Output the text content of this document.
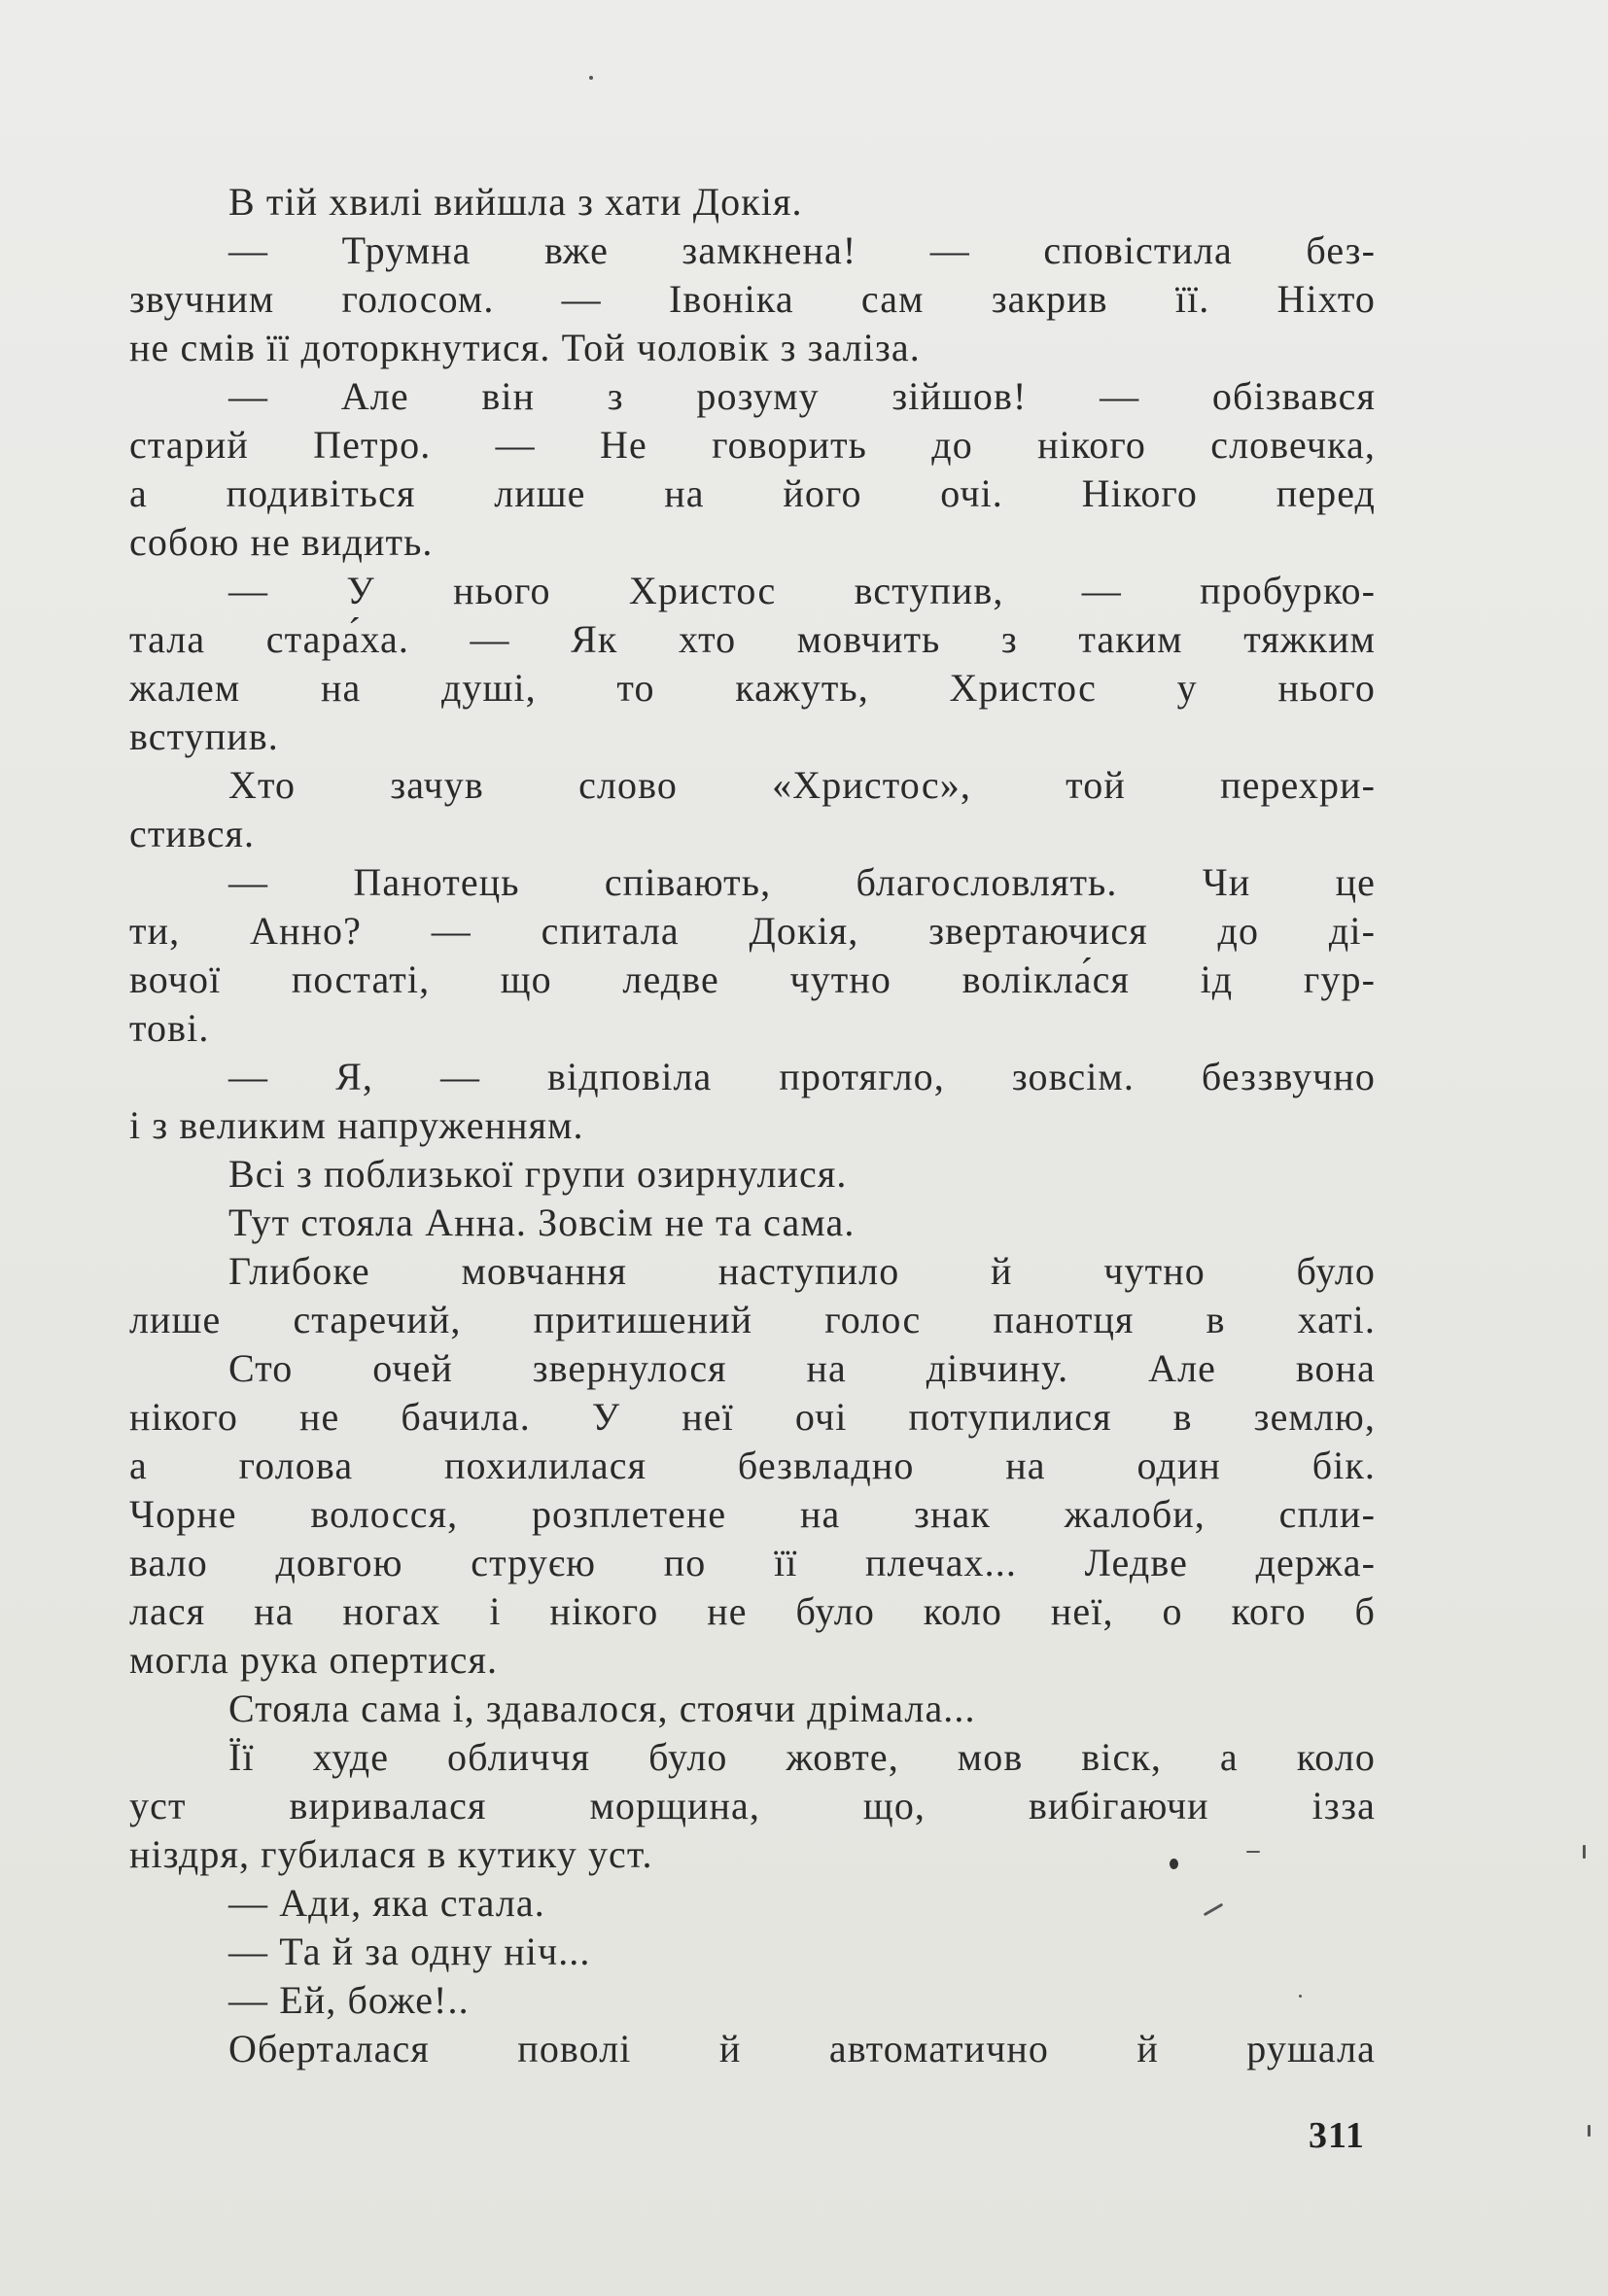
В тій хвилі вийшла з хати Докія.
— Трумна вже замкнена! — сповістила без-
звучним голосом. — Івоніка сам закрив її. Ніхто
не смів її доторкнутися. Той чоловік з заліза.
— Але він з розуму зійшов! — обізвався
старий Петро. — Не говорить до нікого словечка,
а подивіться лише на його очі. Нікого перед
собою не видить.
— У нього Христос вступив, — пробурко-
тала стара́ха. — Як хто мовчить з таким тяжким
жалем на душі, то кажуть, Христос у нього
вступив.
Хто зачув слово «Христос», той перехри-
стився.
— Панотець співають, благословлять. Чи це
ти, Анно? — спитала Докія, звертаючися до ді-
вочої постаті, що ледве чутно волікла́ся ід гур-
тові.
— Я, — відповіла протягло, зовсім. беззвучно
і з великим напруженням.
Всі з поблизької групи озирнулися.
Тут стояла Анна. Зовсім не та сама.
Глибоке мовчання наступило й чутно було
лише старечий, притишений голос панотця в хаті.
Сто очей звернулося на дівчину. Але вона
нікого не бачила. У неї очі потупилися в землю,
а голова похилилася безвладно на один бік.
Чорне волосся, розплетене на знак жалоби, спли-
вало довгою струєю по її плечах... Ледве держа-
лася на ногах і нікого не було коло неї, о кого б
могла рука опертися.
Стояла сама і, здавалося, стоячи дрімала...
Її худе обличчя було жовте, мов віск, а коло
уст виривалася морщина, що, вибігаючи іззa
ніздря, губилася в кутику уст.
— Ади, яка стала.
— Та й за одну ніч...
— Ей, боже!..
Оберталася поволі й автоматично й рушала
311
